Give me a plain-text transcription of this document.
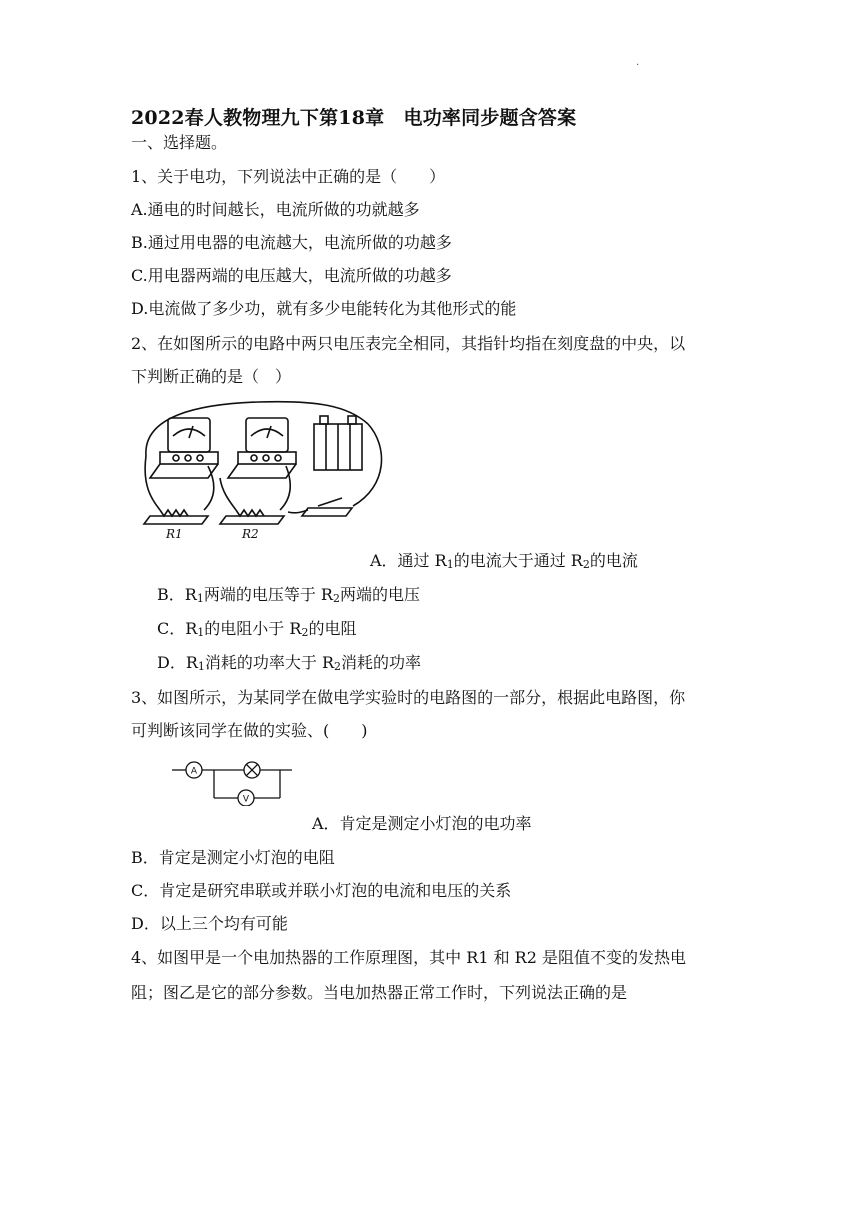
·
2022春人教物理九下第18章　电功率同步题含答案
一、选择题。
1、关于电功，下列说法中正确的是（　　）
A.通电的时间越长，电流所做的功就越多
B.通过用电器的电流越大，电流所做的功越多
C.用电器两端的电压越大，电流所做的功越多
D.电流做了多少功，就有多少电能转化为其他形式的能
2、在如图所示的电路中两只电压表完全相同，其指针均指在刻度盘的中央，以
下判断正确的是（　）
R1	R2
A．通过 $R_1$的电流大于通过 $R_2$的电流
B．$R_1$两端的电压等于 $R_2$两端的电压
C．$R_1$的电阻小于 $R_2$的电阻
D．$R_1$消耗的功率大于 $R_2$消耗的功率
3、如图所示，为某同学在做电学实验时的电路图的一部分，根据此电路图，你
可判断该同学在做的实验、(　　)
A
V
A．肯定是测定小灯泡的电功率
B．肯定是测定小灯泡的电阻
C．肯定是研究串联或并联小灯泡的电流和电压的关系
D．以上三个均有可能
4、如图甲是一个电加热器的工作原理图，其中 R1 和 R2 是阻值不变的发热电
阻；图乙是它的部分参数。当电加热器正常工作时，下列说法正确的是
